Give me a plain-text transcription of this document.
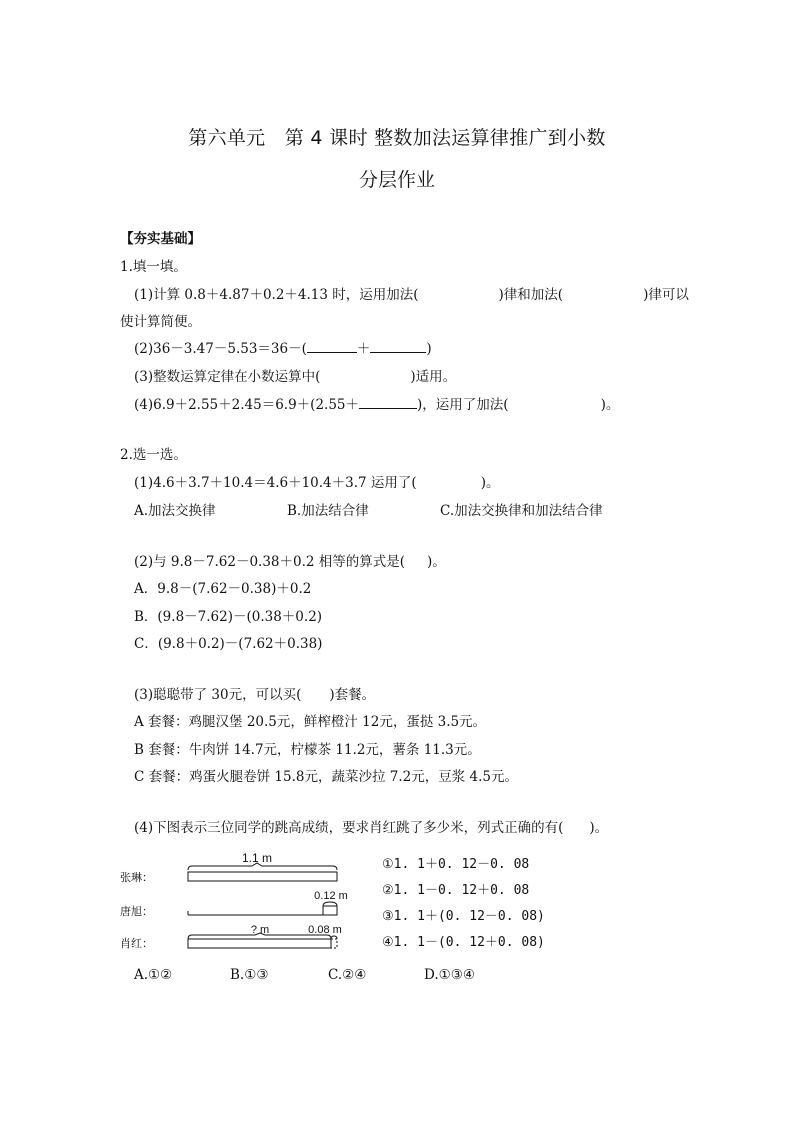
第六单元　第 4 课时 整数加法运算律推广到小数
分层作业
【夯实基础】
1.填一填。
(1)计算 0.8＋4.87＋0.2＋4.13 时，运用加法(	)律和加法(	)律可以
使计算简便。
(2)36－3.47－5.53＝36－(	＋	)
(3)整数运算定律在小数运算中(	)适用。
(4)6.9＋2.55＋2.45＝6.9＋(2.55＋	)，运用了加法(	)。
2.选一选。
(1)4.6＋3.7＋10.4＝4.6＋10.4＋3.7 运用了(	)。
A.加法交换律	B.加法结合律	C.加法交换律和加法结合律
(2)与 9.8－7.62－0.38＋0.2 相等的算式是( )。
A．9.8－(7.62－0.38)＋0.2
B．(9.8－7.62)－(0.38＋0.2)
C．(9.8＋0.2)－(7.62＋0.38)
(3)聪聪带了 30元，可以买( )套餐。
A 套餐：鸡腿汉堡 20.5元，鲜榨橙汁 12元，蛋挞 3.5元。
B 套餐：牛肉饼 14.7元，柠檬茶 11.2元，薯条 11.3元。
C 套餐：鸡蛋火腿卷饼 15.8元，蔬菜沙拉 7.2元，豆浆 4.5元。
(4)下图表示三位同学的跳高成绩，要求肖红跳了多少米，列式正确的有( )。
1.1 m
张琳：
唐旭：
肖红：
0.12 m
? m	0.08 m
①1. 1＋0. 12－0. 08
②1. 1－0. 12＋0. 08
③1. 1＋(0. 12－0. 08)
④1. 1－(0. 12＋0. 08)
A.①②	B.①③	C.②④	D.①③④
